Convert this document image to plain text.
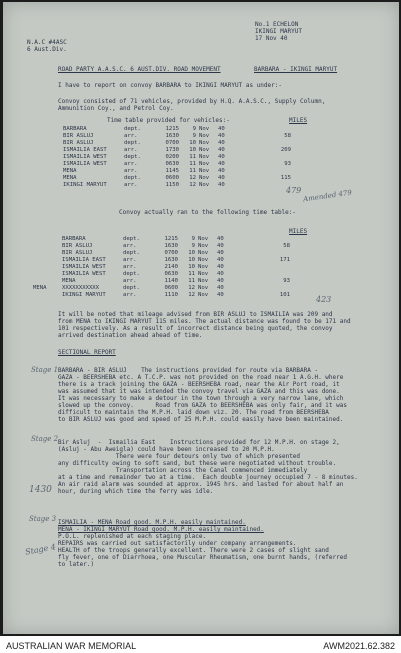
No.1 ECHELON
IKINGI MARYUT
17 Nov 40
N.A.C #4ASC
6 Aust.Div.
ROAD PARTY A.A.S.C. 6 AUST.DIV. ROAD MOVEMENT	BARBARA - IKINGI MARYUT
I have to report on convoy BARBARA to IKINGI MARYUT as under:-
Convoy consisted of 71 vehicles, provided by H.Q. A.A.S.C., Supply Column,
Ammunition Coy., and Petrol Coy.
Time table provided for vehicles:-	MILES
BARBARA	dept.	1215	9	Nov	40	
BIR ASLUJ	arr.	1630	9	Nov	40	58
BIR ASLUJ	dept.	0700	10	Nov	40	
ISMAILIA EAST	arr.	1730	10	Nov	40	209
ISMAILIA WEST	dept.	0200	11	Nov	40	
ISMAILIA WEST	arr.	0630	11	Nov	40	93
MENA	arr.	1145	11	Nov	40	
MENA	dept.	0600	12	Nov	40	115
IKINGI MARYUT	arr.	1150	12	Nov	40	
479 Amended 479
Convoy actually ran to the following time table:-
MILES
	BARBARA	dept.	1215	9	Nov	40	
	BIR ASLUJ	arr.	1630	9	Nov	40	58
	BIR ASLUJ	dept.	0700	10	Nov	40	
	ISMAILIA EAST	arr.	1630	10	Nov	40	171
	ISMAILIA WEST	arr.	2140	10	Nov	40	
	ISMAILIA WEST	dept.	0630	11	Nov	40	
	MENA	arr.	1140	11	Nov	40	93
MENA	XXXXXXXXXXX	dept.	0600	12	Nov	40	
	IKINGI MARYUT	arr.	1110	12	Nov	40	101	423
It will be noted that mileage advised from BIR ASLUJ to ISMAILIA was 209 and
from MENA to IKINGI MARYUT 115 miles. The actual distance was found to be 171 and
101 respectively. As a result of incorrect distance being quoted, the convoy
arrived destination ahead ahead of time.
SECTIONAL REPORT
Stage 1 BARBARA - BIR ASLUJ    The instructions provided for route via BARBARA -
GAZA - BEERSHEBA etc. A T.C.P. was not provided on the road near 1 A.G.H. where
there is a track joining the GAZA - BEERSHEBA road, near the Air Port road, it
was assumed that it was intended the convoy travel via GAZA and this was done.
It was necessary to make a detour in the town through a very narrow lane, which
slowed up the convoy.      Road from GAZA to BEERSHEBA was only fair, and it was
difficult to maintain the M.P.H. laid down viz. 20. The road from BEERSHEBA
to BIR ASLUJ was good and speed of 25 M.P.H. could easily have been maintained.
Stage 2 Bir Asluj  -  Ismailia East    Instructions provided for 12 M.P.H. on stage 2,
(Asluj - Abu Aweigla) could have been increased to 20 M.P.H.
There were four detours only two of which presented
any difficulty owing to soft sand, but these were negotiated without trouble.
Transportation across the Canal commenced immediately
at a time and remainder two at a time.  Each double journey occupied 7 - 8 minutes.
An air raid alarm was sounded at approx. 1945 hrs. and lasted for about half an
hour, during which time the ferry was idle.
1430
Stage 3 ISMAILIA - MENA Road good. M.P.H. easily maintained.
MENA - IKINGI MARYUT Road good. M.P.H. easily maintained.
Stage 4
P.O.L. replenished at each staging place.
REPAIRS was carried out satisfactorily under company arrangements.
HEALTH of the troops generally excellent. There were 2 cases of slight sand
fly fever, one of Diarrhoea, one Muscular Rheumatism, one burnt hands, (referred
to later.)
AUSTRALIAN WAR MEMORIAL	AWM2021.62.382
